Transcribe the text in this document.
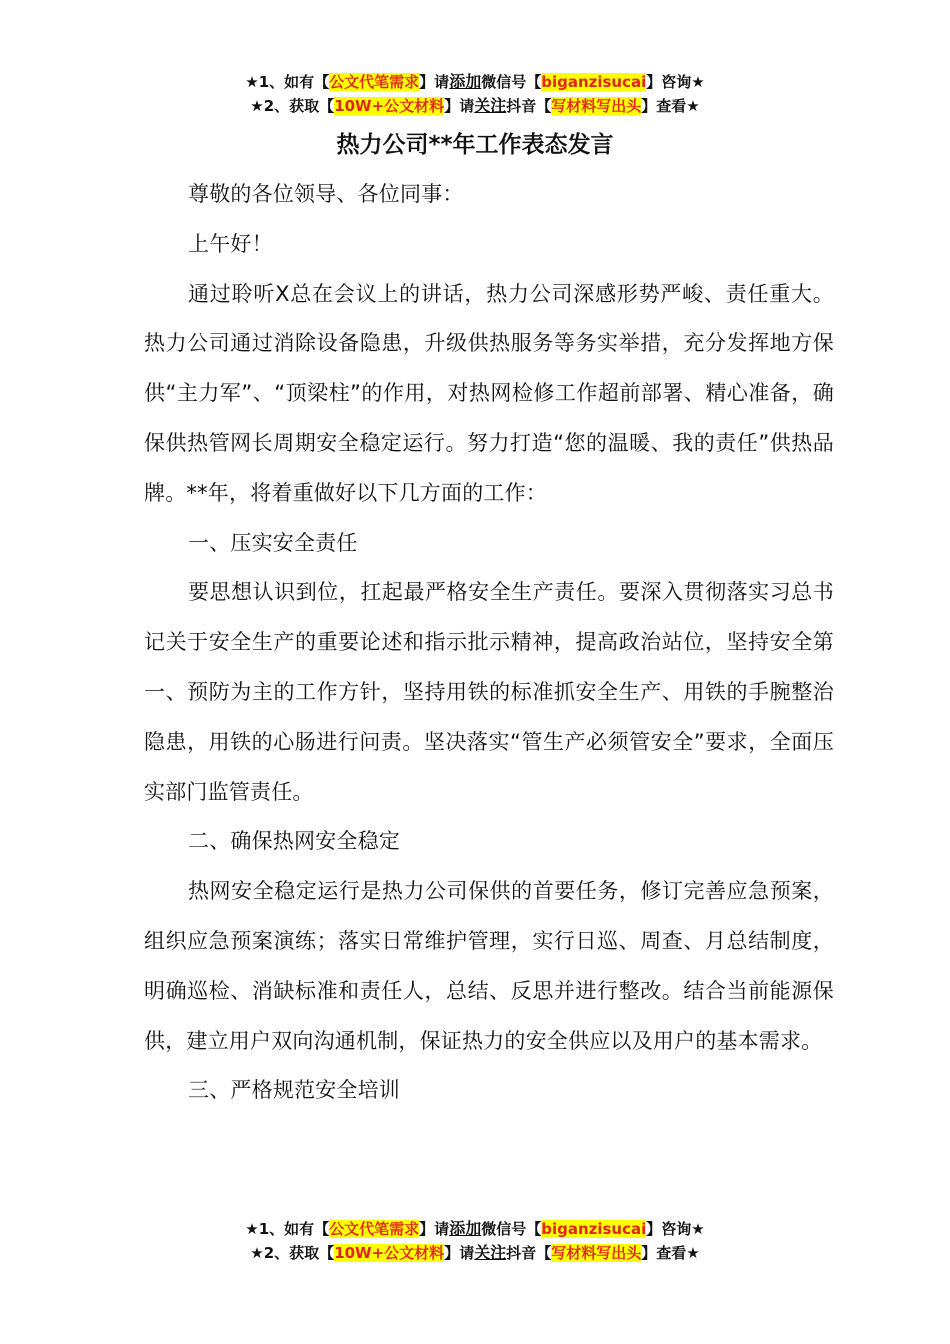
★1、如有【公文代笔需求】请添加微信号【biganzisucai】咨询★
★2、获取【10W+公文材料】请关注抖音【写材料写出头】查看★
热力公司**年工作表态发言

尊敬的各位领导、各位同事：

上午好！

通过聆听X总在会议上的讲话，热力公司深感形势严峻、责任重大。热力公司通过消除设备隐患，升级供热服务等务实举措，充分发挥地方保供“主力军”、“顶梁柱”的作用，对热网检修工作超前部署、精心准备，确保供热管网长周期安全稳定运行。努力打造“您的温暖、我的责任”供热品牌。**年，将着重做好以下几方面的工作：

一、压实安全责任

要思想认识到位，扛起最严格安全生产责任。要深入贯彻落实习总书记关于安全生产的重要论述和指示批示精神，提高政治站位，坚持安全第一、预防为主的工作方针，坚持用铁的标准抓安全生产、用铁的手腕整治隐患，用铁的心肠进行问责。坚决落实“管生产必须管安全”要求，全面压实部门监管责任。

二、确保热网安全稳定

热网安全稳定运行是热力公司保供的首要任务，修订完善应急预案，组织应急预案演练；落实日常维护管理，实行日巡、周查、月总结制度，明确巡检、消缺标准和责任人，总结、反思并进行整改。结合当前能源保供，建立用户双向沟通机制，保证热力的安全供应以及用户的基本需求。

三、严格规范安全培训

★1、如有【公文代笔需求】请添加微信号【biganzisucai】咨询★
★2、获取【10W+公文材料】请关注抖音【写材料写出头】查看★
